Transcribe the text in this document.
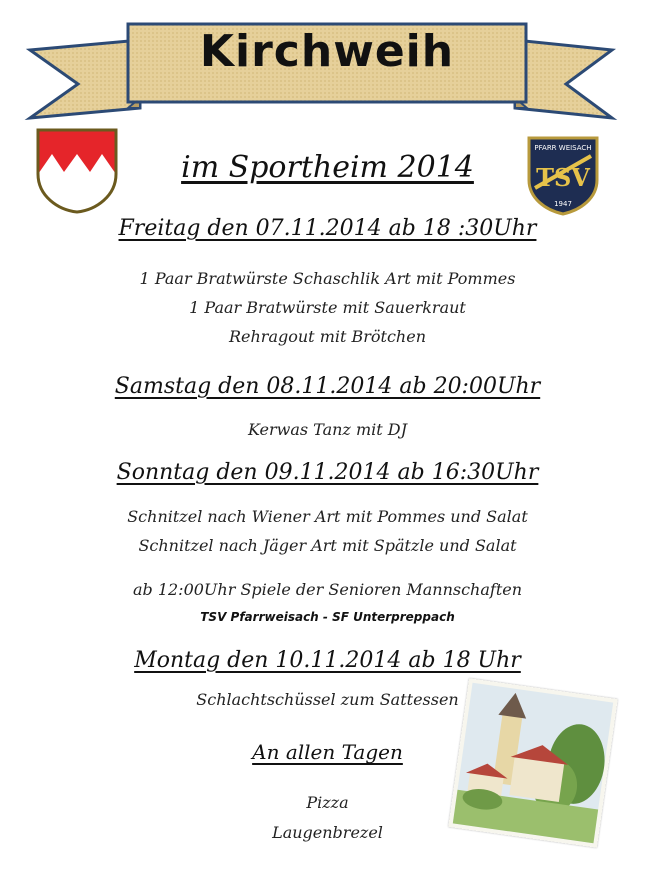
Kirchweih
PFARR WEISACH
TSV
1947
im Sportheim 2014
Freitag den 07.11.2014 ab 18 :30Uhr
1 Paar Bratwürste Schaschlik Art mit Pommes
1 Paar Bratwürste mit Sauerkraut
Rehragout mit Brötchen
Samstag den 08.11.2014 ab 20:00Uhr
Kerwas Tanz mit DJ
Sonntag den 09.11.2014 ab 16:30Uhr
Schnitzel nach Wiener Art mit Pommes und Salat
Schnitzel nach Jäger Art mit Spätzle und Salat
ab 12:00Uhr Spiele der Senioren Mannschaften
TSV Pfarrweisach - SF Unterpreppach
Montag den 10.11.2014 ab 18 Uhr
Schlachtschüssel zum Sattessen
An allen Tagen
Pizza
Laugenbrezel
